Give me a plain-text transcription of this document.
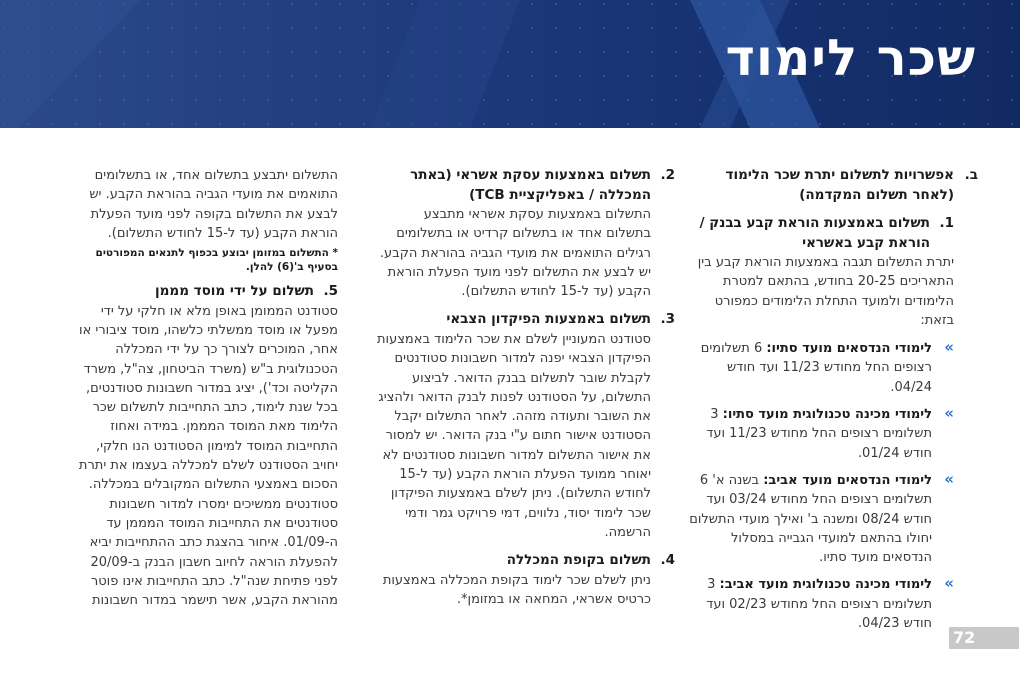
שכר לימוד
ב.
אפשרויות לתשלום יתרת שכר הלימוד (לאחר תשלום המקדמה)
1.
תשלום באמצעות הוראת קבע בבנק / הוראת קבע באשראי

יתרת התשלום תגבה באמצעות הוראת קבע בין התאריכים 20-25 בחודש, בהתאם למטרת הלימודים ולמועד התחלת הלימודים כמפורט בזאת:

»
לימודי הנדסאים מועד סתיו: 6 תשלומים רצופים החל מחודש 11/23 ועד חודש 04/24.
»
לימודי מכינה טכנולוגית מועד סתיו: 3 תשלומים רצופים החל מחודש 11/23 ועד חודש 01/24.
»
לימודי הנדסאים מועד אביב: בשנה א' 6 תשלומים רצופים החל מחודש 03/24 ועד חודש 08/24 ומשנה ב' ואילך מועדי התשלום יחולו בהתאם למועדי הגבייה במסלול הנדסאים מועד סתיו.
»
לימודי מכינה טכנולוגית מועד אביב: 3 תשלומים רצופים החל מחודש 02/23 ועד חודש 04/23.
2.
תשלום באמצעות עסקת אשראי (באתר המכללה / באפליקציית TCB)

התשלום באמצעות עסקת אשראי מתבצע בתשלום אחד או בתשלום קרדיט או בתשלומים רגילים התואמים את מועדי הגביה בהוראת הקבע. יש לבצע את התשלום לפני מועד הפעלת הוראת הקבע (עד ל-15 לחודש התשלום).

3.
תשלום באמצעות הפיקדון הצבאי

סטודנט המעוניין לשלם את שכר הלימוד באמצעות הפיקדון הצבאי יפנה למדור חשבונות סטודנטים לקבלת שובר לתשלום בבנק הדואר. לביצוע התשלום, על הסטודנט לפנות לבנק הדואר ולהציג את השובר ותעודה מזהה. לאחר התשלום יקבל הסטודנט אישור חתום ע"י בנק הדואר. יש למסור את אישור התשלום למדור חשבונות סטודנטים לא יאוחר ממועד הפעלת הוראת הקבע (עד ל-15 לחודש התשלום). ניתן לשלם באמצעות הפיקדון שכר לימוד יסוד, נלווים, דמי פרויקט גמר ודמי הרשמה.

4.
תשלום בקופת המכללה

ניתן לשלם שכר לימוד בקופת המכללה באמצעות כרטיס אשראי, המחאה או במזומן*.

התשלום יתבצע בתשלום אחד, או בתשלומים התואמים את מועדי הגביה בהוראת הקבע. יש לבצע את התשלום בקופה לפני מועד הפעלת הוראת הקבע (עד ל-15 לחודש התשלום).

* התשלום במזומן יבוצע בכפוף לתנאים המפורטים בסעיף ב'(6) להלן.

5.
תשלום על ידי מוסד מממן

סטודנט הממומן באופן מלא או חלקי על ידי מפעל או מוסד ממשלתי כלשהו, מוסד ציבורי או אחר, המוכרים לצורך כך על ידי המכללה הטכנולוגית ב"ש (משרד הביטחון, צה"ל, משרד הקליטה וכד'), יציג במדור חשבונות סטודנטים, בכל שנת לימוד, כתב התחייבות לתשלום שכר הלימוד מאת המוסד המממן. במידה ואחוז התחייבות המוסד למימון הסטודנט הנו חלקי, יחויב הסטודנט לשלם למכללה בעצמו את יתרת הסכום באמצעי התשלום המקובלים במכללה. סטודנטים ממשיכים ימסרו למדור חשבונות סטודנטים את התחייבות המוסד המממן עד ה-01/09. איחור בהצגת כתב ההתחייבות יביא להפעלת הוראה לחיוב חשבון הבנק ב-20/09 לפני פתיחת שנה"ל. כתב התחייבות אינו פוטר מהוראת הקבע, אשר תישמר במדור חשבונות

72
